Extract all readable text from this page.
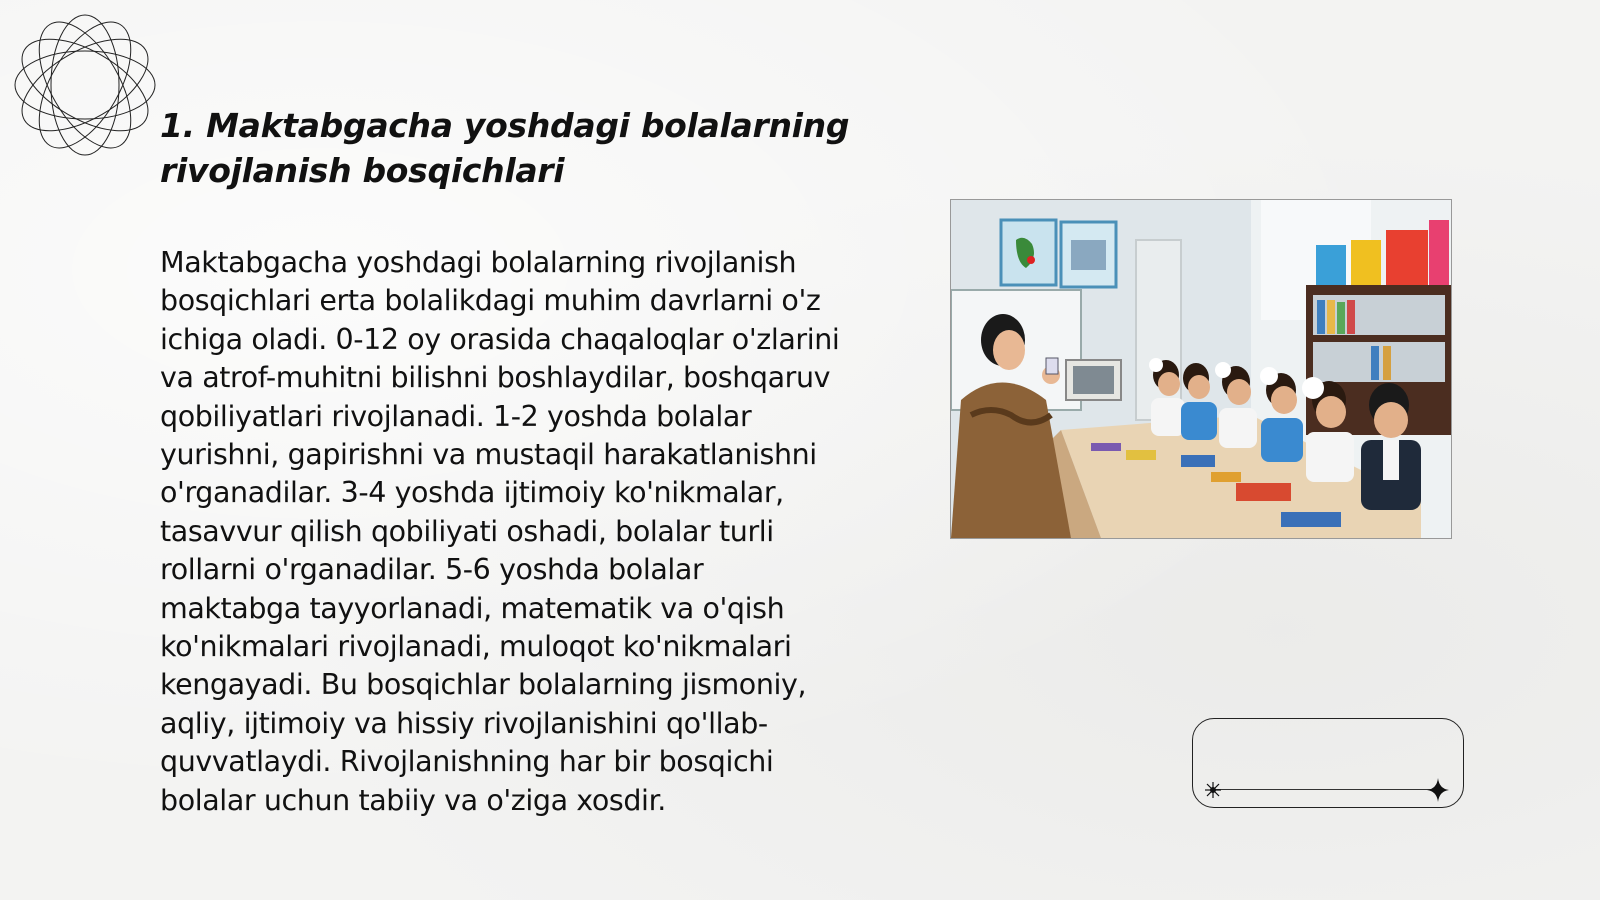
1. Maktabgacha yoshdagi bolalarning rivojlanish bosqichlari

Maktabgacha yoshdagi bolalarning rivojlanish bosqichlari erta bolalikdagi muhim davrlarni o'z ichiga oladi. 0-12 oy orasida chaqaloqlar o'zlarini va atrof-muhitni bilishni boshlaydilar, boshqaruv qobiliyatlari rivojlanadi. 1-2 yoshda bolalar yurishni, gapirishni va mustaqil harakatlanishni o'rganadilar. 3-4 yoshda ijtimoiy ko'nikmalar, tasavvur qilish qobiliyati oshadi, bolalar turli rollarni o'rganadilar. 5-6 yoshda bolalar maktabga tayyorlanadi, matematik va o'qish ko'nikmalari rivojlanadi, muloqot ko'nikmalari kengayadi. Bu bosqichlar bolalarning jismoniy, aqliy, ijtimoiy va hissiy rivojlanishini qo'llab-quvvatlaydi. Rivojlanishning har bir bosqichi bolalar uchun tabiiy va o'ziga xosdir.
